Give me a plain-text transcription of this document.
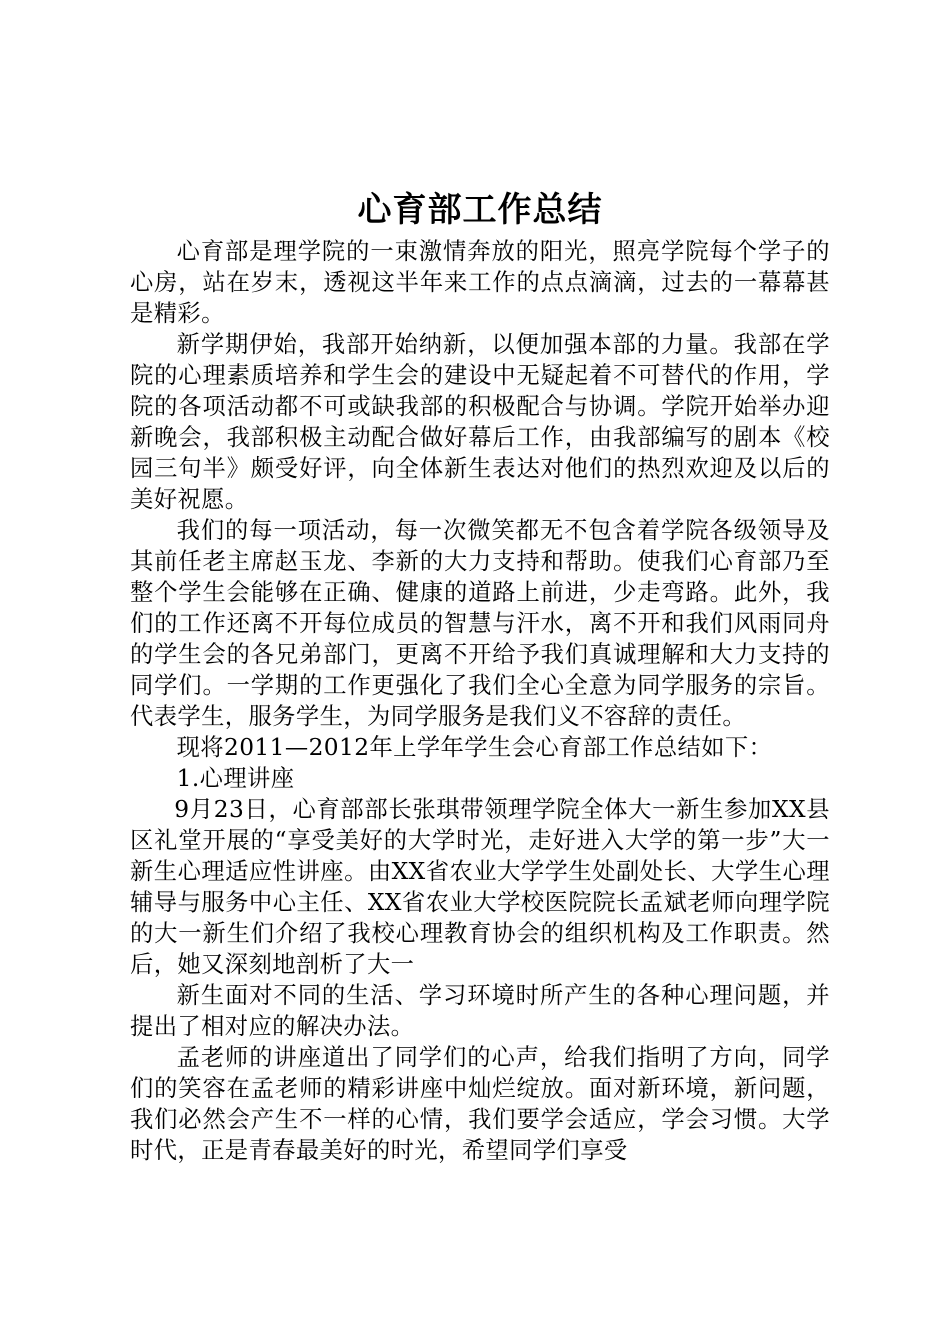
心育部工作总结

心育部是理学院的一束激情奔放的阳光，照亮学院每个学子的心房，站在岁末，透视这半年来工作的点点滴滴，过去的一幕幕甚是精彩。

新学期伊始，我部开始纳新，以便加强本部的力量。我部在学院的心理素质培养和学生会的建设中无疑起着不可替代的作用，学院的各项活动都不可或缺我部的积极配合与协调。学院开始举办迎新晚会，我部积极主动配合做好幕后工作，由我部编写的剧本《校园三句半》颇受好评，向全体新生表达对他们的热烈欢迎及以后的美好祝愿。

我们的每一项活动，每一次微笑都无不包含着学院各级领导及其前任老主席赵玉龙、李新的大力支持和帮助。使我们心育部乃至整个学生会能够在正确、健康的道路上前进，少走弯路。此外，我们的工作还离不开每位成员的智慧与汗水，离不开和我们风雨同舟的学生会的各兄弟部门，更离不开给予我们真诚理解和大力支持的同学们。一学期的工作更强化了我们全心全意为同学服务的宗旨。代表学生，服务学生，为同学服务是我们义不容辞的责任。

现将2011—2012年上学年学生会心育部工作总结如下：

1.心理讲座

9月23日，心育部部长张琪带领理学院全体大一新生参加XX县区礼堂开展的“享受美好的大学时光，走好进入大学的第一步”大一新生心理适应性讲座。由XX省农业大学学生处副处长、大学生心理辅导与服务中心主任、XX省农业大学校医院院长孟斌老师向理学院的大一新生们介绍了我校心理教育协会的组织机构及工作职责。然后，她又深刻地剖析了大一

新生面对不同的生活、学习环境时所产生的各种心理问题，并提出了相对应的解决办法。

孟老师的讲座道出了同学们的心声，给我们指明了方向，同学们的笑容在孟老师的精彩讲座中灿烂绽放。面对新环境，新问题，我们必然会产生不一样的心情，我们要学会适应，学会习惯。大学时代，正是青春最美好的时光，希望同学们享受
